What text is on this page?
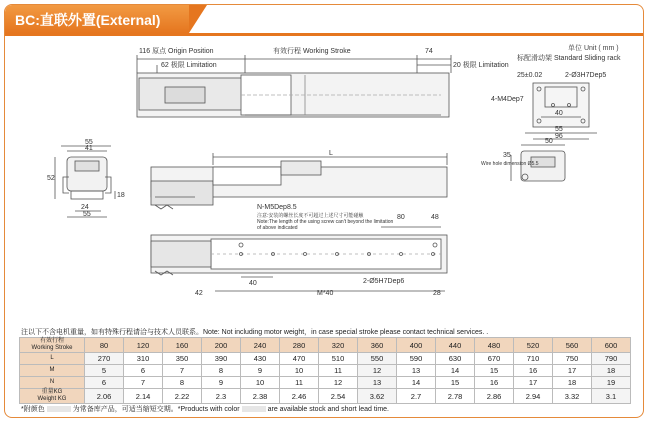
BC:直联外置(External)
单位 Unit ( mm )
116 原点 Origin Position	有效行程 Working Stroke	74
62 极限 Limitation	20 极限 Limitation
标配滑动架 Standard Sliding rack
25±0.02	2-Ø3H7Dep5
4-M4Dep7
40
55
96
55
41
52
18
24
55
L
50
35
Wire hole dimension Ø5.5
N-M5Dep8.5
注意:安装的螺丝长度不可超过上述尺寸可能碰触
Note:The length of the using screw can't beyond the limitation
of above indicated
80	48
40	2-Ø5H7Dep6
42	M*40	28
注以下不含电机重量，如有特殊行程请洽与技术人员联系。Note: Not including motor weight，in case special stroke please contact technical services. .
有效行程
Working Stroke	80	120	160	200	240	280	320	360	400	440	480	520	560	600

L	270	310	350	390	430	470	510	550	590	630	670	710	750	790

M	5	6	7	8	9	10	11	12	13	14	15	16	17	18

N	6	7	8	9	10	11	12	13	14	15	16	17	18	19

重量KG
Weight KG	2.06	2.14	2.22	2.3	2.38	2.46	2.54	3.62	2.7	2.78	2.86	2.94	3.32	3.1
*附颜色	为常备库产品，可适当缩短交期。*Products with color	are available stock and short lead time.
